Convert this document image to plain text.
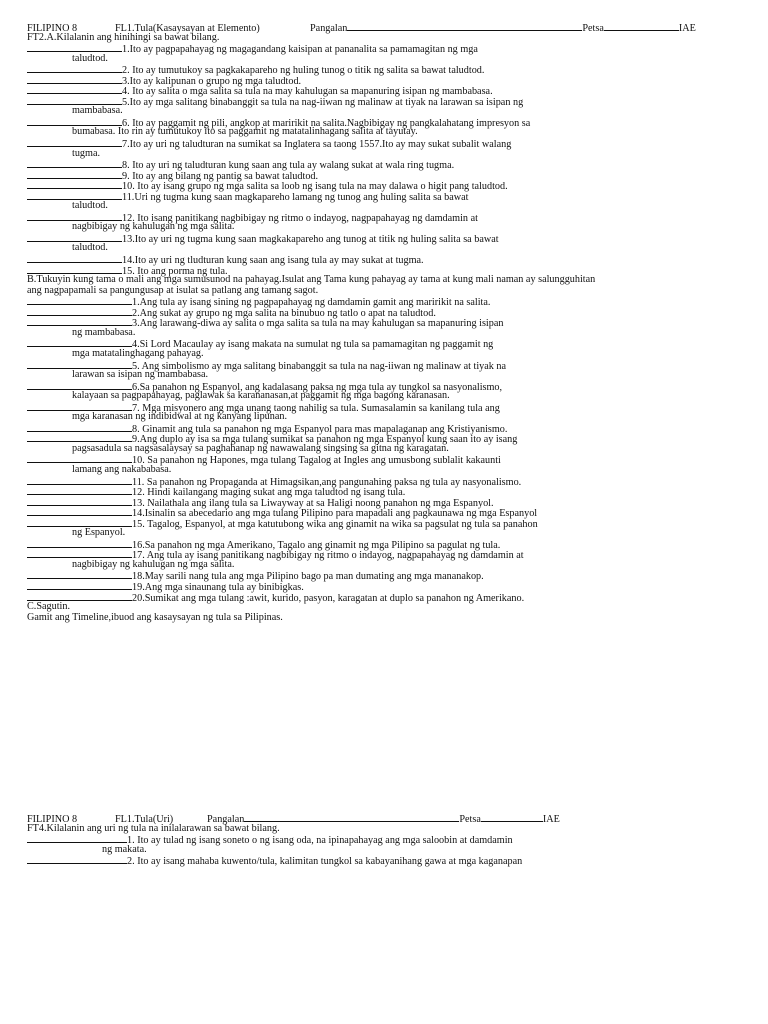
FILIPINO 8	FL1.Tula(Kasaysayan at Elemento)	Pangalan	Petsa	IAE
FT2.A.Kilalanin ang hinihingi sa bawat bilang.
1.Ito ay pagpapahayag ng magagandang kaisipan at pananalita sa pamamagitan ng mga
taludtod.
2. Ito ay tumutukoy sa pagkakapareho ng huling tunog o titik ng salita sa bawat taludtod.
3.Ito ay kalipunan o grupo ng mga taludtod.
4. Ito ay salita o mga salita sa tula na may kahulugan sa mapanuring isipan ng mambabasa.
5.Ito ay mga salitang binabanggit sa tula na nag-iiwan ng malinaw at tiyak na larawan sa isipan ng
mambabasa.
6. Ito ay paggamit ng pili, angkop at maririkit na salita.Nagbibigay ng pangkalahatang impresyon sa
bumabasa. Ito rin ay tumutukoy ito sa paggamit ng matatalinhagang salita at tayutay.
7.Ito ay uri ng taludturan na sumikat sa Inglatera sa taong 1557.Ito ay may sukat subalit walang
tugma.
8. Ito ay uri ng taludturan kung saan ang tula ay walang sukat at wala ring tugma.
9. Ito ay ang bilang ng pantig sa bawat taludtod.
10. Ito ay isang grupo ng mga salita sa loob ng isang tula na may dalawa o higit pang taludtod.
11.Uri ng tugma kung saan magkapareho lamang ng tunog ang huling salita sa bawat
taludtod.
12. Ito isang panitikang nagbibigay ng ritmo o indayog, nagpapahayag ng damdamin at
nagbibigay ng kahulugan ng mga salita.
13.Ito ay uri ng tugma kung saan magkakapareho ang tunog at titik ng huling salita sa bawat
taludtod.
14.Ito ay uri ng tludturan kung saan ang isang tula ay may sukat at tugma.
15. Ito ang porma ng tula.
B.Tukuyin kung tama o mali ang mga sumusunod na pahayag.Isulat ang Tama kung pahayag ay tama at kung mali naman ay salungguhitan
ang nagpapamali sa pangungusap at isulat sa patlang ang tamang sagot.
1.Ang tula ay isang sining ng pagpapahayag ng damdamin gamit ang maririkit na salita.
2.Ang sukat ay grupo ng mga salita na binubuo ng tatlo o apat na taludtod.
3.Ang larawang-diwa ay salita o mga salita sa tula na may kahulugan sa mapanuring isipan
ng mambabasa.
4.Si Lord Macaulay ay isang makata na sumulat ng tula sa pamamagitan ng paggamit ng
mga matatalinghagang pahayag.
5. Ang simbolismo ay mga salitang binabanggit sa tula na nag-iiwan ng malinaw at tiyak na
larawan sa isipan ng mambabasa.
6.Sa panahon ng Espanyol, ang kadalasang paksa ng mga tula ay tungkol sa nasyonalismo,
kalayaan sa pagpapahayag, paglawak sa karananasan,at paggamit ng mga bagong karanasan.
7. Mga misyonero ang mga unang taong nahilig sa tula. Sumasalamin sa kanilang tula ang
mga karanasan ng indibidwal at ng kanyang lipunan.
8. Ginamit ang tula sa panahon ng mga Espanyol para mas mapalaganap ang Kristiyanismo.
9.Ang duplo ay isa sa mga tulang sumikat sa panahon ng mga Espanyol kung saan ito ay isang
pagsasadula sa nagsasalaysay sa paghahanap ng nawawalang singsing sa gitna ng karagatan.
10. Sa panahon ng Hapones, mga tulang Tagalog at Ingles ang umusbong sublalit kakaunti
lamang ang nakababasa.
11. Sa panahon ng Propaganda at Himagsikan,ang pangunahing paksa ng tula ay nasyonalismo.
12. Hindi kailangang maging sukat ang mga taludtod ng isang tula.
13. Nailathala ang ilang tula sa Liwayway at sa Haligi noong panahon ng mga Espanyol.
14.Isinalin sa abecedario ang mga tulang Pilipino para mapadali ang pagkaunawa ng mga Espanyol
15. Tagalog, Espanyol, at mga katutubong wika ang ginamit na wika sa pagsulat ng tula sa panahon
ng Espanyol.
16.Sa panahon ng mga Amerikano, Tagalo ang ginamit ng mga Pilipino sa pagulat ng tula.
17. Ang tula ay isang panitikang nagbibigay ng ritmo o indayog, nagpapahayag ng damdamin at
nagbibigay ng kahulugan ng mga salita.
18.May sarili nang tula ang mga Pilipino bago pa man dumating ang mga mananakop.
19.Ang mga sinaunang tula ay binibigkas.
20.Sumikat ang mga tulang :awit, kurido, pasyon, karagatan at duplo sa panahon ng Amerikano.
C.Sagutin.
Gamit ang Timeline,ibuod ang kasaysayan ng tula sa Pilipinas.
FILIPINO 8	FL1.Tula(Uri)	Pangalan	Petsa	IAE
FT4.Kilalanin ang uri ng tula na inilalarawan sa bawat bilang.
1. Ito ay tulad ng isang soneto o ng isang oda, na ipinapahayag ang mga saloobin at damdamin
ng makata.
2. Ito ay isang mahaba kuwento/tula, kalimitan tungkol sa kabayanihang gawa at mga kaganapan
